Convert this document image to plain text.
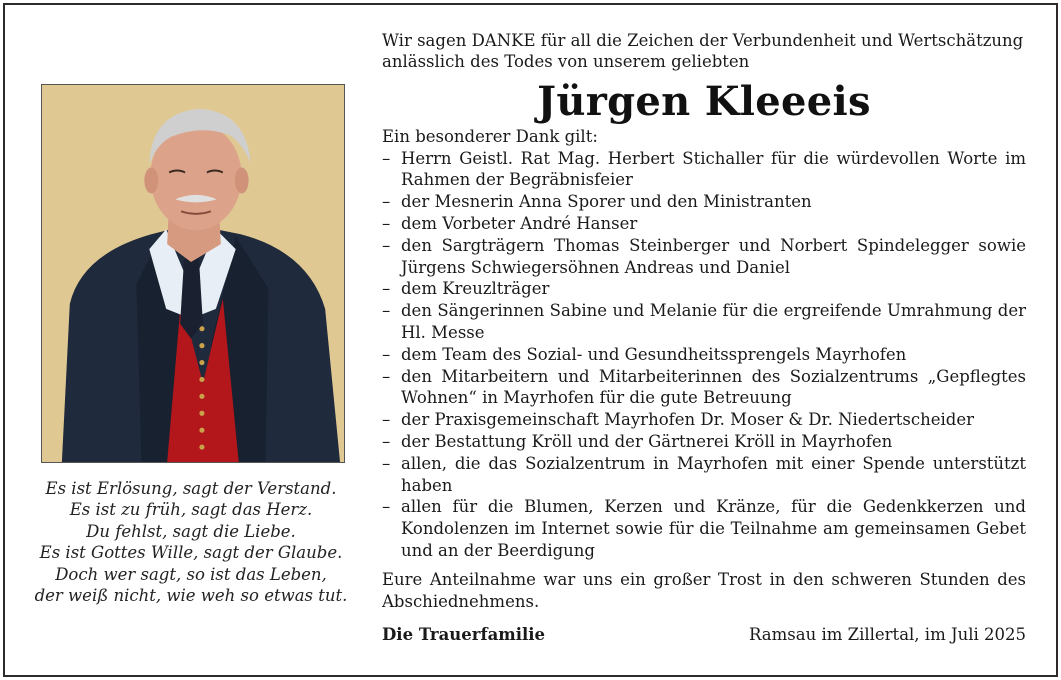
Es ist Erlösung, sagt der Verstand.
Es ist zu früh, sagt das Herz.
Du fehlst, sagt die Liebe.
Es ist Gottes Wille, sagt der Glaube.
Doch wer sagt, so ist das Leben,
der weiß nicht, wie weh so etwas tut.
Wir sagen DANKE für all die Zeichen der Verbundenheit und Wertschätzung
anlässlich des Todes von unserem geliebten
Jürgen Kleeeis
Ein besonderer Dank gilt:
– Herrn Geistl. Rat Mag. Herbert Stichaller für die würdevollen Worte im Rahmen der Begräbnisfeier
– der Mesnerin Anna Sporer und den Ministranten
– dem Vorbeter André Hanser
– den Sargträgern Thomas Steinberger und Norbert Spindelegger sowie Jürgens Schwiegersöhnen Andreas und Daniel
– dem Kreuzlträger
– den Sängerinnen Sabine und Melanie für die ergreifende Umrahmung der Hl. Messe
– dem Team des Sozial- und Gesundheitssprengels Mayrhofen
– den Mitarbeitern und Mitarbeiterinnen des Sozialzentrums „Gepflegtes Wohnen“ in Mayrhofen für die gute Betreuung
– der Praxisgemeinschaft Mayrhofen Dr. Moser & Dr. Niedertscheider
– der Bestattung Kröll und der Gärtnerei Kröll in Mayrhofen
– allen, die das Sozialzentrum in Mayrhofen mit einer Spende unterstützt haben
– allen für die Blumen, Kerzen und Kränze, für die Gedenkkerzen und Kondolenzen im Internet sowie für die Teilnahme am gemeinsamen Gebet und an der Beerdigung
Eure Anteilnahme war uns ein großer Trost in den schweren Stunden des Abschiednehmens.
Die Trauerfamilie	Ramsau im Zillertal, im Juli 2025
